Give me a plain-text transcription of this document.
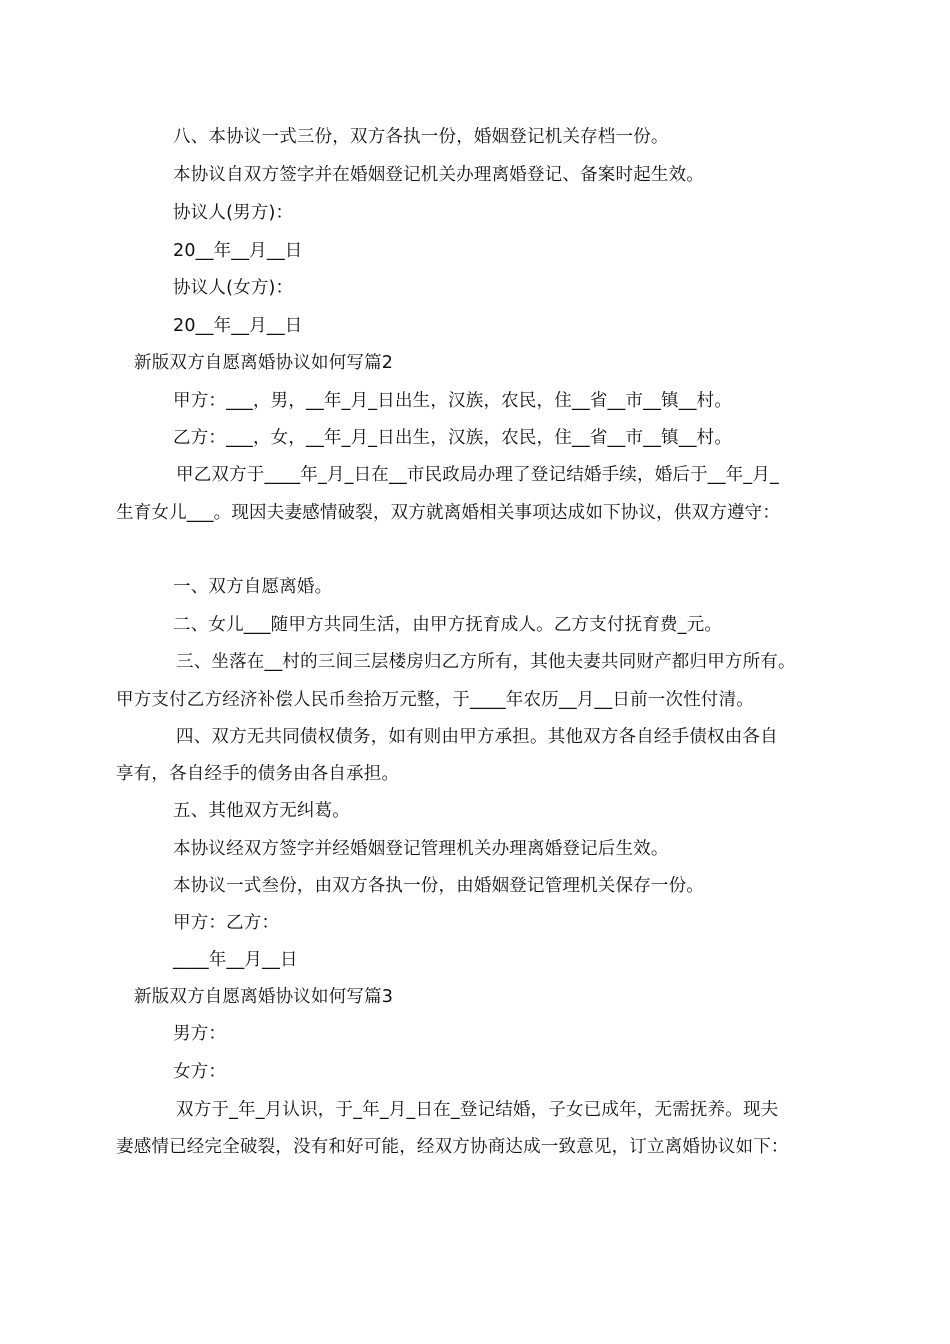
八、本协议一式三份，双方各执一份，婚姻登记机关存档一份。
本协议自双方签字并在婚姻登记机关办理离婚登记、备案时起生效。
协议人(男方)：
20__年__月__日
协议人(女方)：
20__年__月__日
新版双方自愿离婚协议如何写篇2
甲方：___，男，__年_月_日出生，汉族，农民，住__省__市__镇__村。
乙方：___，女，__年_月_日出生，汉族，农民，住__省__市__镇__村。
甲乙双方于____年_月_日在__市民政局办理了登记结婚手续，婚后于__年_月_
生育女儿___。现因夫妻感情破裂，双方就离婚相关事项达成如下协议，供双方遵守：
一、双方自愿离婚。
二、女儿___随甲方共同生活，由甲方抚育成人。乙方支付抚育费_元。
三、坐落在__村的三间三层楼房归乙方所有，其他夫妻共同财产都归甲方所有。
甲方支付乙方经济补偿人民币叁拾万元整，于____年农历__月__日前一次性付清。
四、双方无共同债权债务，如有则由甲方承担。其他双方各自经手债权由各自
享有，各自经手的债务由各自承担。
五、其他双方无纠葛。
本协议经双方签字并经婚姻登记管理机关办理离婚登记后生效。
本协议一式叁份，由双方各执一份，由婚姻登记管理机关保存一份。
甲方：乙方：
____年__月__日
新版双方自愿离婚协议如何写篇3
男方：
女方：
双方于_年_月认识，于_年_月_日在_登记结婚，子女已成年，无需抚养。现夫
妻感情已经完全破裂，没有和好可能，经双方协商达成一致意见，订立离婚协议如下：
